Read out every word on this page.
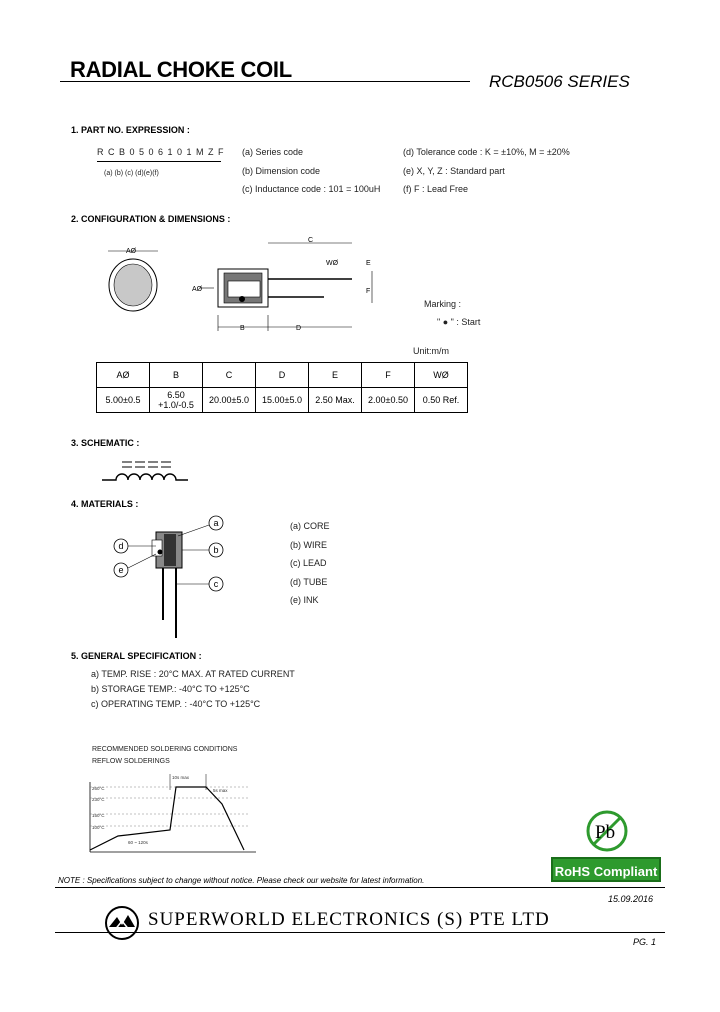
RADIAL CHOKE COIL	RCB0506 SERIES
1. PART NO. EXPRESSION :
R C B 0 5 0 6 1 0 1 M Z F
(a) (b) (c) (d)(e)(f)
(a) Series code
(b) Dimension code
(c) Inductance code : 101 = 100uH
(d) Tolerance code : K = ±10%, M = ±20%
(e) X, Y, Z : Standard part
(f) F : Lead Free
2. CONFIGURATION & DIMENSIONS :
AØ
AØ
B	D
C
WØ	E
F
Marking :
" ● " : Start
Unit:m/m
AØ	B	C	D	E	F	WØ
5.00±0.5	6.50 +1.0/-0.5	20.00±5.0	15.00±5.0	2.50 Max.	2.00±0.50	0.50 Ref.
3. SCHEMATIC :
4. MATERIALS :
a
b
c
d
e
(a) CORE
(b) WIRE
(c) LEAD
(d) TUBE
(e) INK
5. GENERAL SPECIFICATION :
a) TEMP. RISE : 20°C MAX. AT RATED CURRENT
b) STORAGE TEMP.: -40°C TO +125°C
c) OPERATING TEMP. : -40°C TO +125°C
RECOMMENDED SOLDERING CONDITIONS
REFLOW SOLDERINGS
260°C
230°C
150°C
100°C
10s max
5s max
60 ~ 120s	Pb
RoHS Compliant
NOTE : Specifications subject to change without notice. Please check our website for latest information.
15.09.2016
SUPERWORLD ELECTRONICS (S) PTE LTD
PG. 1
